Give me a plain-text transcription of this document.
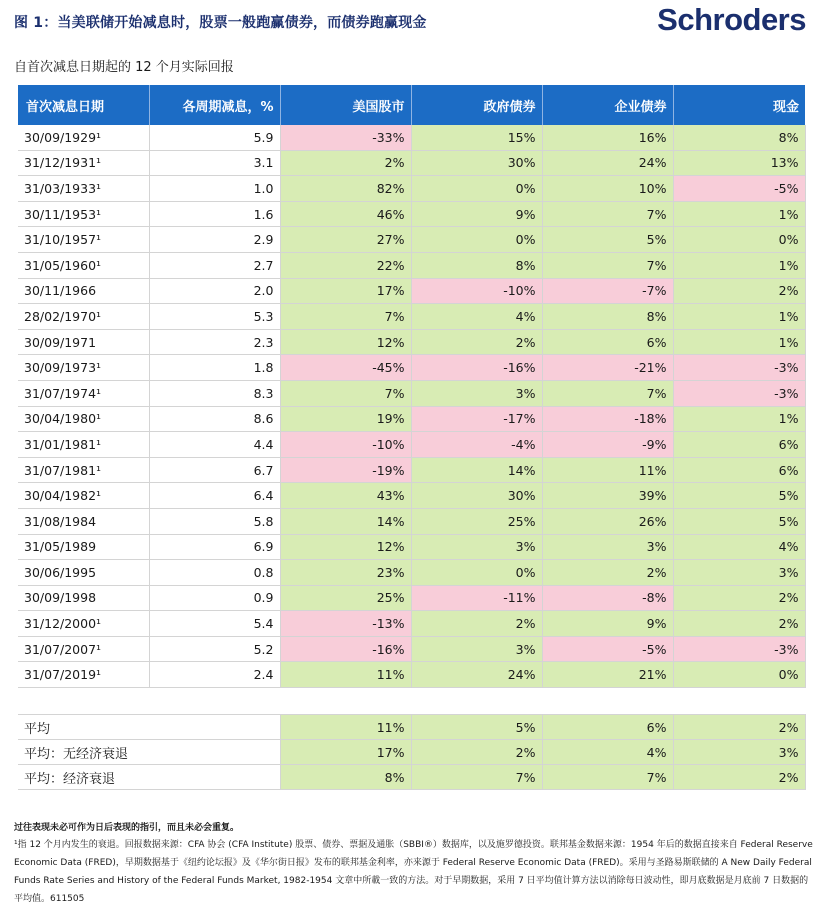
图 1：当美联储开始减息时，股票一般跑赢债券，而债券跑赢现金	Schroders
自首次减息日期起的 12 个月实际回报
首次减息日期	各周期减息，%	美国股市	政府债券	企业债券	现金
30/09/1929¹	5.9	-33%	15%	16%	8%
31/12/1931¹	3.1	2%	30%	24%	13%
31/03/1933¹	1.0	82%	0%	10%	-5%
30/11/1953¹	1.6	46%	9%	7%	1%
31/10/1957¹	2.9	27%	0%	5%	0%
31/05/1960¹	2.7	22%	8%	7%	1%
30/11/1966	2.0	17%	-10%	-7%	2%
28/02/1970¹	5.3	7%	4%	8%	1%
30/09/1971	2.3	12%	2%	6%	1%
30/09/1973¹	1.8	-45%	-16%	-21%	-3%
31/07/1974¹	8.3	7%	3%	7%	-3%
30/04/1980¹	8.6	19%	-17%	-18%	1%
31/01/1981¹	4.4	-10%	-4%	-9%	6%
31/07/1981¹	6.7	-19%	14%	11%	6%
30/04/1982¹	6.4	43%	30%	39%	5%
31/08/1984	5.8	14%	25%	26%	5%
31/05/1989	6.9	12%	3%	3%	4%
30/06/1995	0.8	23%	0%	2%	3%
30/09/1998	0.9	25%	-11%	-8%	2%
31/12/2000¹	5.4	-13%	2%	9%	2%
31/07/2007¹	5.2	-16%	3%	-5%	-3%
31/07/2019¹	2.4	11%	24%	21%	0%

平均		11%	5%	6%	2%
平均：无经济衰退		17%	2%	4%	3%
平均：经济衰退		8%	7%	7%	2%
过往表现未必可作为日后表现的指引，而且未必会重复。
¹指 12 个月内发生的衰退。回报数据来源：CFA 协会 (CFA Institute) 股票、债券、票据及通胀（SBBI®）数据库，以及施罗德投资。联邦基金数据来源：1954 年后的数据直接来自 Federal Reserve Economic Data (FRED)，早期数据基于《纽约论坛报》及《华尔街日报》发布的联邦基金利率，亦来源于 Federal Reserve Economic Data (FRED)。采用与圣路易斯联储的 A New Daily Federal Funds Rate Series and History of the Federal Funds Market, 1982-1954 文章中所載一致的方法。对于早期数据，采用 7 日平均值计算方法以消除每日波动性，即月底数据是月底前 7 日数据的平均值。611505
